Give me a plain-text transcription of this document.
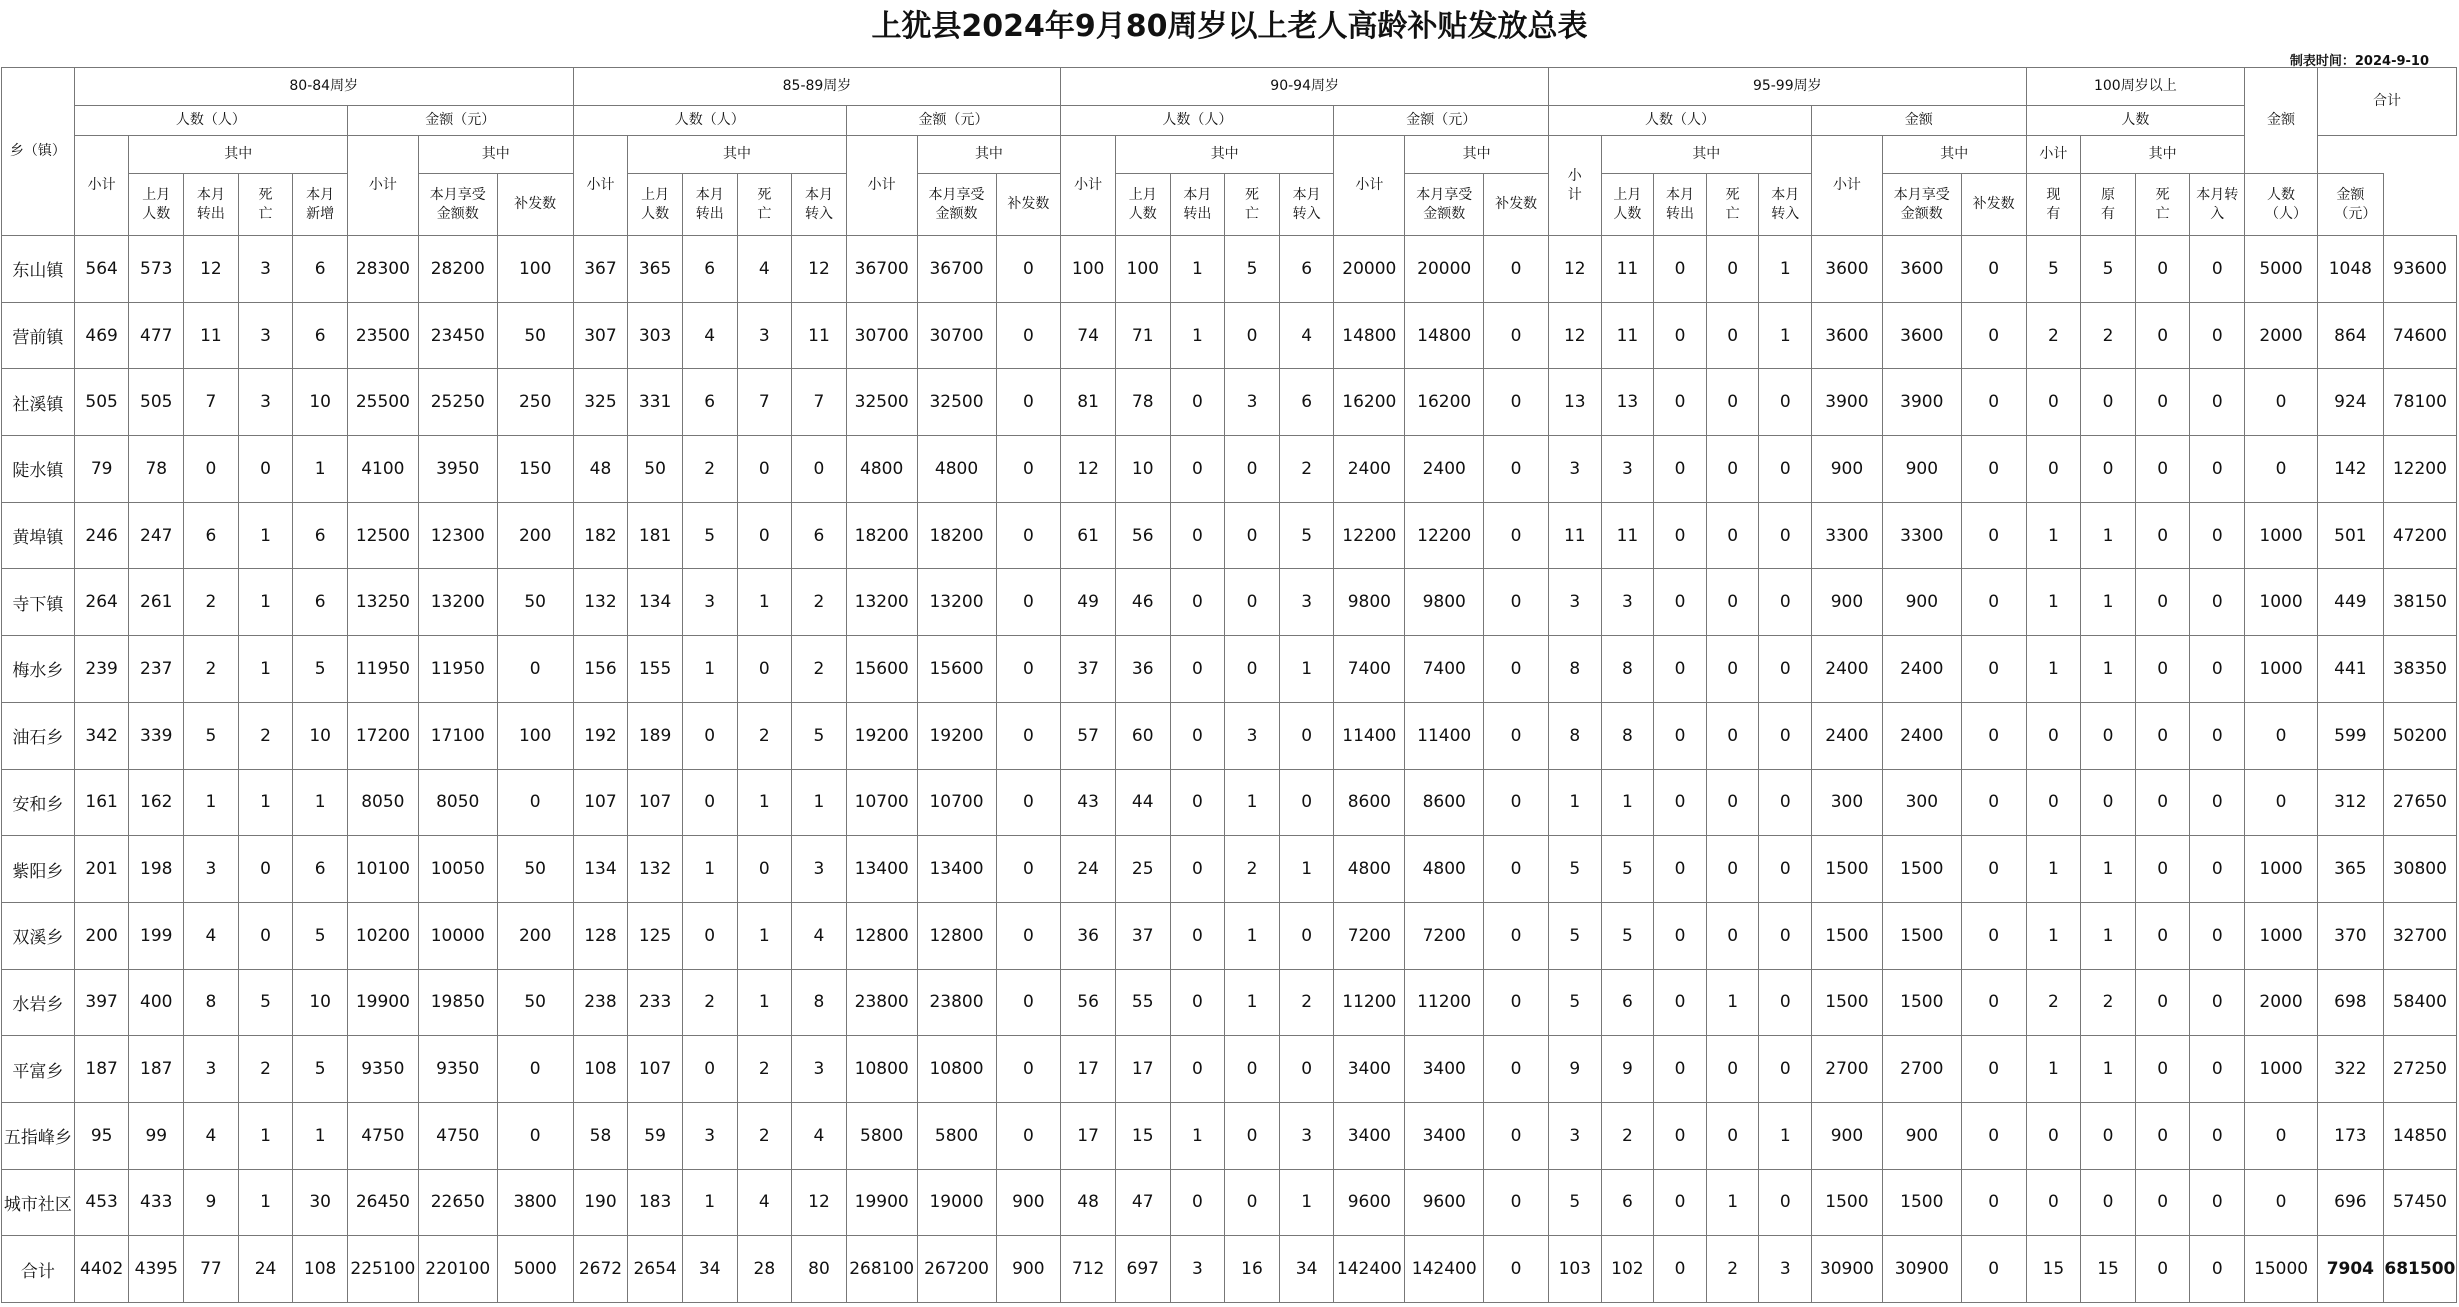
上犹县2024年9月80周岁以上老人高龄补贴发放总表
制表时间：2024-9-10
乡（镇）	80-84周岁								85-89周岁								90-94周岁								95-99周岁								100周岁以上				金额	合计	
	人数（人）					金额（元）			人数（人）					金额（元）			人数（人）					金额（元）			人数（人）					金额			人数						
	小计	其中				小计	其中		小计	其中				小计	其中		小计	其中				小计	其中		小计	其中				小计	其中		小计	其中					
		上月人数	本月转出	死亡	本月新增		本月享受金额数	补发数		上月人数	本月转出	死亡	本月转入		本月享受金额数	补发数		上月人数	本月转出	死亡	本月转入		本月享受金额数	补发数		上月人数	本月转出	死亡	本月转入		本月享受金额数	补发数	现有	原有	死亡	本月转入	人数（人）	金额（元）	
东山镇	564	573	12	3	6	28300	28200	100	367	365	6	4	12	36700	36700	0	100	100	1	5	6	20000	20000	0	12	11	0	0	1	3600	3600	0	5	5	0	0	5000	1048	93600
营前镇	469	477	11	3	6	23500	23450	50	307	303	4	3	11	30700	30700	0	74	71	1	0	4	14800	14800	0	12	11	0	0	1	3600	3600	0	2	2	0	0	2000	864	74600
社溪镇	505	505	7	3	10	25500	25250	250	325	331	6	7	7	32500	32500	0	81	78	0	3	6	16200	16200	0	13	13	0	0	0	3900	3900	0	0	0	0	0	0	924	78100
陡水镇	79	78	0	0	1	4100	3950	150	48	50	2	0	0	4800	4800	0	12	10	0	0	2	2400	2400	0	3	3	0	0	0	900	900	0	0	0	0	0	0	142	12200
黄埠镇	246	247	6	1	6	12500	12300	200	182	181	5	0	6	18200	18200	0	61	56	0	0	5	12200	12200	0	11	11	0	0	0	3300	3300	0	1	1	0	0	1000	501	47200
寺下镇	264	261	2	1	6	13250	13200	50	132	134	3	1	2	13200	13200	0	49	46	0	0	3	9800	9800	0	3	3	0	0	0	900	900	0	1	1	0	0	1000	449	38150
梅水乡	239	237	2	1	5	11950	11950	0	156	155	1	0	2	15600	15600	0	37	36	0	0	1	7400	7400	0	8	8	0	0	0	2400	2400	0	1	1	0	0	1000	441	38350
油石乡	342	339	5	2	10	17200	17100	100	192	189	0	2	5	19200	19200	0	57	60	0	3	0	11400	11400	0	8	8	0	0	0	2400	2400	0	0	0	0	0	0	599	50200
安和乡	161	162	1	1	1	8050	8050	0	107	107	0	1	1	10700	10700	0	43	44	0	1	0	8600	8600	0	1	1	0	0	0	300	300	0	0	0	0	0	0	312	27650
紫阳乡	201	198	3	0	6	10100	10050	50	134	132	1	0	3	13400	13400	0	24	25	0	2	1	4800	4800	0	5	5	0	0	0	1500	1500	0	1	1	0	0	1000	365	30800
双溪乡	200	199	4	0	5	10200	10000	200	128	125	0	1	4	12800	12800	0	36	37	0	1	0	7200	7200	0	5	5	0	0	0	1500	1500	0	1	1	0	0	1000	370	32700
水岩乡	397	400	8	5	10	19900	19850	50	238	233	2	1	8	23800	23800	0	56	55	0	1	2	11200	11200	0	5	6	0	1	0	1500	1500	0	2	2	0	0	2000	698	58400
平富乡	187	187	3	2	5	9350	9350	0	108	107	0	2	3	10800	10800	0	17	17	0	0	0	3400	3400	0	9	9	0	0	0	2700	2700	0	1	1	0	0	1000	322	27250
五指峰乡	95	99	4	1	1	4750	4750	0	58	59	3	2	4	5800	5800	0	17	15	1	0	3	3400	3400	0	3	2	0	0	1	900	900	0	0	0	0	0	0	173	14850
城市社区	453	433	9	1	30	26450	22650	3800	190	183	1	4	12	19900	19000	900	48	47	0	0	1	9600	9600	0	5	6	0	1	0	1500	1500	0	0	0	0	0	0	696	57450
合计	4402	4395	77	24	108	225100	220100	5000	2672	2654	34	28	80	268100	267200	900	712	697	3	16	34	142400	142400	0	103	102	0	2	3	30900	30900	0	15	15	0	0	15000	7904	681500
